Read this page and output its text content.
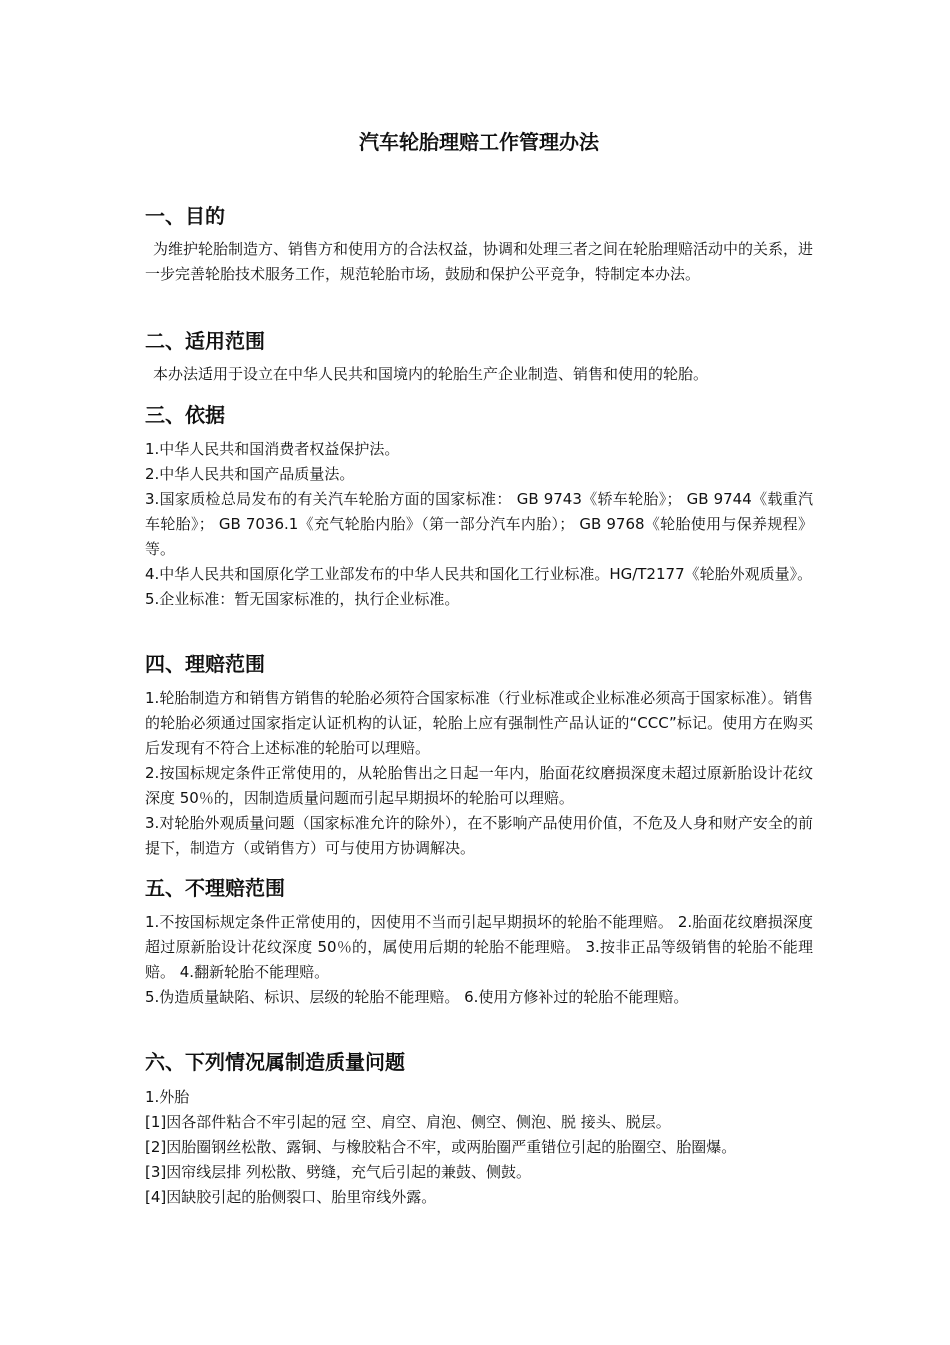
汽车轮胎理赔工作管理办法
一、目的

为维护轮胎制造方、销售方和使用方的合法权益，协调和处理三者之间在轮胎理赔活动中的关系，进一步完善轮胎技术服务工作，规范轮胎市场，鼓励和保护公平竞争，特制定本办法。

二、适用范围

本办法适用于设立在中华人民共和国境内的轮胎生产企业制造、销售和使用的轮胎。

三、依据

1.中华人民共和国消费者权益保护法。

2.中华人民共和国产品质量法。

3.国家质检总局发布的有关汽车轮胎方面的国家标准： GB 9743《轿车轮胎》； GB 9744《载重汽车轮胎》； GB 7036.1《充气轮胎内胎》（第一部分汽车内胎）； GB 9768《轮胎使用与保养规程》等。

4.中华人民共和国原化学工业部发布的中华人民共和国化工行业标准。HG/T2177《轮胎外观质量》。

5.企业标准：暂无国家标准的，执行企业标准。

四、理赔范围

1.轮胎制造方和销售方销售的轮胎必须符合国家标准（行业标准或企业标准必须高于国家标准）。销售的轮胎必须通过国家指定认证机构的认证，轮胎上应有强制性产品认证的“CCC”标记。使用方在购买后发现有不符合上述标准的轮胎可以理赔。

2.按国标规定条件正常使用的，从轮胎售出之日起一年内，胎面花纹磨损深度未超过原新胎设计花纹深度 50％的，因制造质量问题而引起早期损坏的轮胎可以理赔。

3.对轮胎外观质量问题（国家标准允许的除外），在不影响产品使用价值，不危及人身和财产安全的前提下，制造方（或销售方）可与使用方协调解决。

五、不理赔范围

1.不按国标规定条件正常使用的，因使用不当而引起早期损坏的轮胎不能理赔。 2.胎面花纹磨损深度超过原新胎设计花纹深度 50％的，属使用后期的轮胎不能理赔。 3.按非正品等级销售的轮胎不能理赔。 4.翻新轮胎不能理赔。

5.伪造质量缺陷、标识、层级的轮胎不能理赔。 6.使用方修补过的轮胎不能理赔。

六、下列情况属制造质量问题

1.外胎

[1]因各部件粘合不牢引起的冠 空、肩空、肩泡、侧空、侧泡、脱 接头、脱层。

[2]因胎圈钢丝松散、露铜、与橡胶粘合不牢，或两胎圈严重错位引起的胎圈空、胎圈爆。

[3]因帘线层排 列松散、劈缝，充气后引起的兼鼓、侧鼓。

[4]因缺胶引起的胎侧裂口、胎里帘线外露。
